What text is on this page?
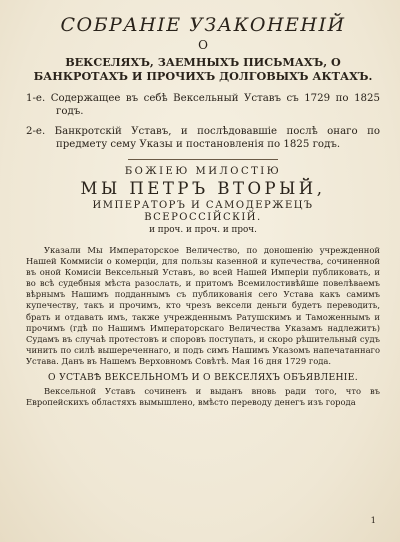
СОБРАНІЕ УЗАКОНЕНІЙ
О
ВЕКСЕЛЯХЪ, ЗАЕМНЫХЪ ПИСЬМАХЪ, О БАНКРОТАХЪ И ПРОЧИХЪ ДОЛГОВЫХЪ АКТАХЪ.

1-е. Содержащее въ себѣ Вексельный Уставъ съ 1729 по 1825 годъ.

2-е. Банкротскій Уставъ, и послѣдовавшіе послѣ онаго по предмету сему Указы и постановленія по 1825 годъ.

БОЖІЕЮ МИЛОСТІЮ
МЫ ПЕТРЪ ВТОРЫЙ,
ИМПЕРАТОРЪ И САМОДЕРЖЕЦЪ
ВСЕРОССІЙСКІЙ.
и проч. и проч. и проч.

Указали Мы Императорское Величество, по доношенію учрежденной Нашей Коммисіи о комерціи, для пользы казенной и купечества, сочиненной въ оной Комисіи Вексельный Уставъ, во всей Нашей Имперіи публиковать, и во всѣ судебныя мѣста разослать, и притомъ Всемилостивѣйше повелѣваемъ вѣрнымъ Нашимъ подданнымъ съ публикованія сего Устава какъ самимъ купечеству, такъ и прочимъ, кто чрезъ вексели деньги будетъ переводить, брать и отдавать имъ, также учрежденнымъ Ратушскимъ и Таможеннымъ и прочимъ (гдѣ по Нашимъ Императорскаго Величества Указамъ надлежитъ) Судамъ въ случаѣ протестовъ и споровъ поступать, и скоро рѣшительный судъ чинить по силѣ вышереченнаго, и подъ симъ Нашимъ Указомъ напечатаннаго Устава. Данъ въ Нашемъ Верховномъ Совѣтѣ. Мая 16 дня 1729 года.

О УСТАВѢ ВЕКСЕЛЬНОМЪ И О ВЕКСЕЛЯХЪ ОБЪЯВЛЕНІЕ.

Вексельной Уставъ сочиненъ и выданъ вновь ради того, что въ Европейскихъ областяхъ вымышлено, вмѣсто переводу денегъ изъ города

1
